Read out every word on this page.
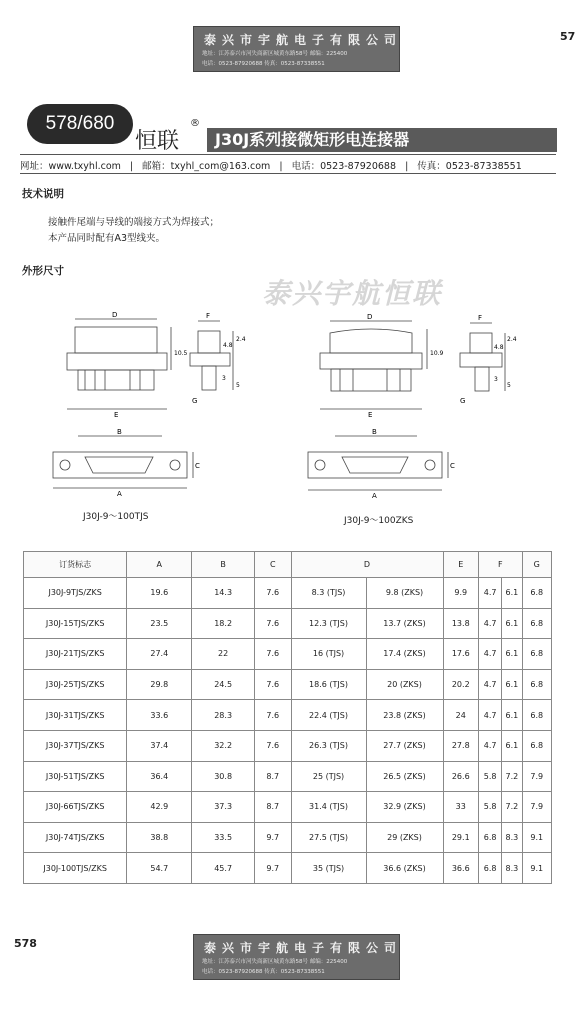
泰兴市宇航电子有限公司
地址：江苏泰兴市河失商新区城黄东路58号 邮编：225400
电话：0523-87920688 传真：0523-87338551
57
578/680
恒联
®
J30J系列接微矩形电连接器
网址：www.txyhl.com | 邮箱：txyhl_com@163.com | 电话：0523-87920688 | 传真：0523-87338551
技术说明
接触件尾端与导线的端接方式为焊接式；
本产品同时配有A3型线夹。
外形尺寸
泰兴宇航恒联
D
10.5
E
F
4.8
2.4
3
5
G
B
A
C
J30J-9～100TJS
D
10.9
E
F
4.8
2.4
3
5
G
B
A
C
J30J-9～100ZKS
订货标志	A	B	C	D		E	F		G
J30J-9TJS/ZKS	19.6	14.3	7.6	8.3 (TJS)	9.8 (ZKS)	9.9	4.7	6.1	6.8
J30J-15TJS/ZKS	23.5	18.2	7.6	12.3 (TJS)	13.7 (ZKS)	13.8	4.7	6.1	6.8
J30J-21TJS/ZKS	27.4	22	7.6	16 (TJS)	17.4 (ZKS)	17.6	4.7	6.1	6.8
J30J-25TJS/ZKS	29.8	24.5	7.6	18.6 (TJS)	20 (ZKS)	20.2	4.7	6.1	6.8
J30J-31TJS/ZKS	33.6	28.3	7.6	22.4 (TJS)	23.8 (ZKS)	24	4.7	6.1	6.8
J30J-37TJS/ZKS	37.4	32.2	7.6	26.3 (TJS)	27.7 (ZKS)	27.8	4.7	6.1	6.8
J30J-51TJS/ZKS	36.4	30.8	8.7	25 (TJS)	26.5 (ZKS)	26.6	5.8	7.2	7.9
J30J-66TJS/ZKS	42.9	37.3	8.7	31.4 (TJS)	32.9 (ZKS)	33	5.8	7.2	7.9
J30J-74TJS/ZKS	38.8	33.5	9.7	27.5 (TJS)	29 (ZKS)	29.1	6.8	8.3	9.1
J30J-100TJS/ZKS	54.7	45.7	9.7	35 (TJS)	36.6 (ZKS)	36.6	6.8	8.3	9.1
578	泰兴市宇航电子有限公司
地址：江苏泰兴市河失商新区城黄东路58号 邮编：225400
电话：0523-87920688 传真：0523-87338551
